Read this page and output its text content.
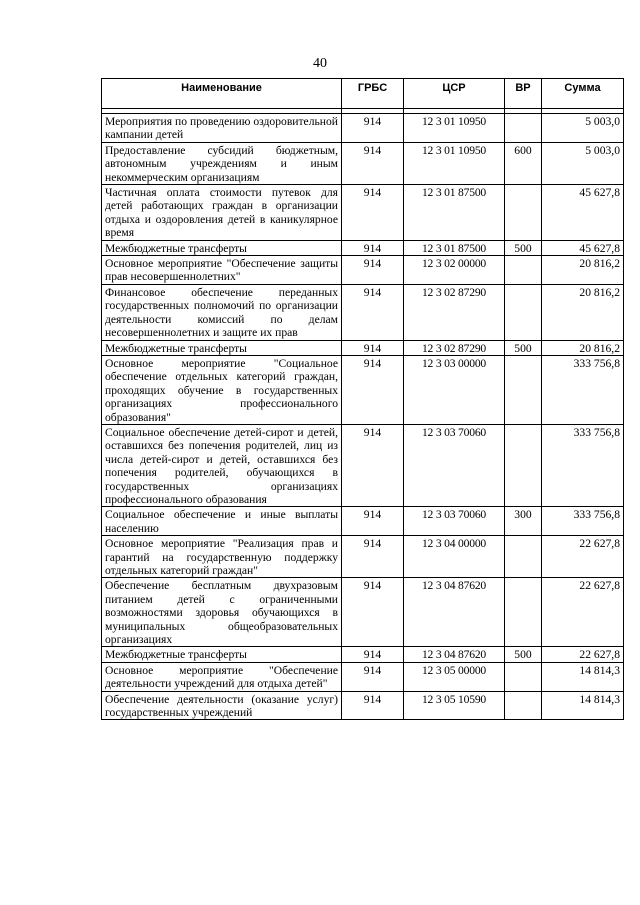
40
Наименование	ГРБС	ЦСР	ВР	Сумма

Мероприятия по проведению оздоровительной кампании детей	914	12 3 01 10950		5 003,0
Предоставление субсидий бюджетным, автономным учреждениям и иным некоммерческим организациям	914	12 3 01 10950	600	5 003,0
Частичная оплата стоимости путевок для детей работающих граждан в организации отдыха и оздоровления детей в каникулярное время	914	12 3 01 87500		45 627,8
Межбюджетные трансферты	914	12 3 01 87500	500	45 627,8
Основное мероприятие "Обеспечение защиты прав несовершеннолетних"	914	12 3 02 00000		20 816,2
Финансовое обеспечение переданных государственных полномочий по организации деятельности комиссий по делам несовершеннолетних и защите их прав	914	12 3 02 87290		20 816,2
Межбюджетные трансферты	914	12 3 02 87290	500	20 816,2
Основное мероприятие "Социальное обеспечение отдельных категорий граждан, проходящих обучение в государственных организациях профессионального образования"	914	12 3 03 00000		333 756,8
Социальное обеспечение детей-сирот и детей, оставшихся без попечения родителей, лиц из числа детей-сирот и детей, оставшихся без попечения родителей, обучающихся в государственных организациях профессионального образования	914	12 3 03 70060		333 756,8
Социальное обеспечение и иные выплаты населению	914	12 3 03 70060	300	333 756,8
Основное мероприятие "Реализация прав и гарантий на государственную поддержку отдельных категорий граждан"	914	12 3 04 00000		22 627,8
Обеспечение бесплатным двухразовым питанием детей с ограниченными возможностями здоровья обучающихся в муниципальных общеобразовательных организациях	914	12 3 04 87620		22 627,8
Межбюджетные трансферты	914	12 3 04 87620	500	22 627,8
Основное мероприятие "Обеспечение деятельности учреждений для отдыха детей"	914	12 3 05 00000		14 814,3
Обеспечение деятельности (оказание услуг) государственных учреждений	914	12 3 05 10590		14 814,3
